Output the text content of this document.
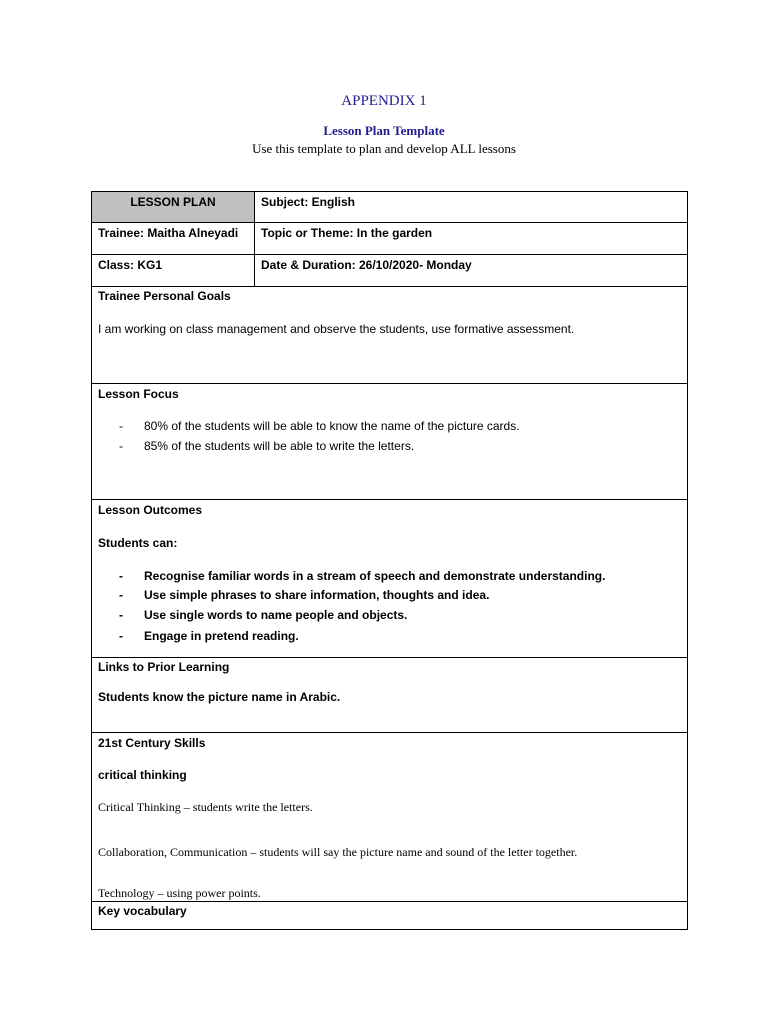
APPENDIX 1
Lesson Plan Template
Use this template to plan and develop ALL lessons
LESSON PLAN	Subject: English
Trainee: Maitha Alneyadi	Topic or Theme: In the garden
Class: KG1	Date & Duration: 26/10/2020- Monday
Trainee Personal Goals
I am working on class management and observe the students, use formative assessment.
Lesson Focus
- 80% of the students will be able to know the name of the picture cards.
- 85% of the students will be able to write the letters.
Lesson Outcomes
Students can:
- Recognise familiar words in a stream of speech and demonstrate understanding.
- Use simple phrases to share information, thoughts and idea.
- Use single words to name people and objects.
- Engage in pretend reading.
Links to Prior Learning
Students know the picture name in Arabic.
21st Century Skills
critical thinking
Critical Thinking – students write the letters.
Collaboration, Communication – students will say the picture name and sound of the letter together.
Technology – using power points.
Key vocabulary
